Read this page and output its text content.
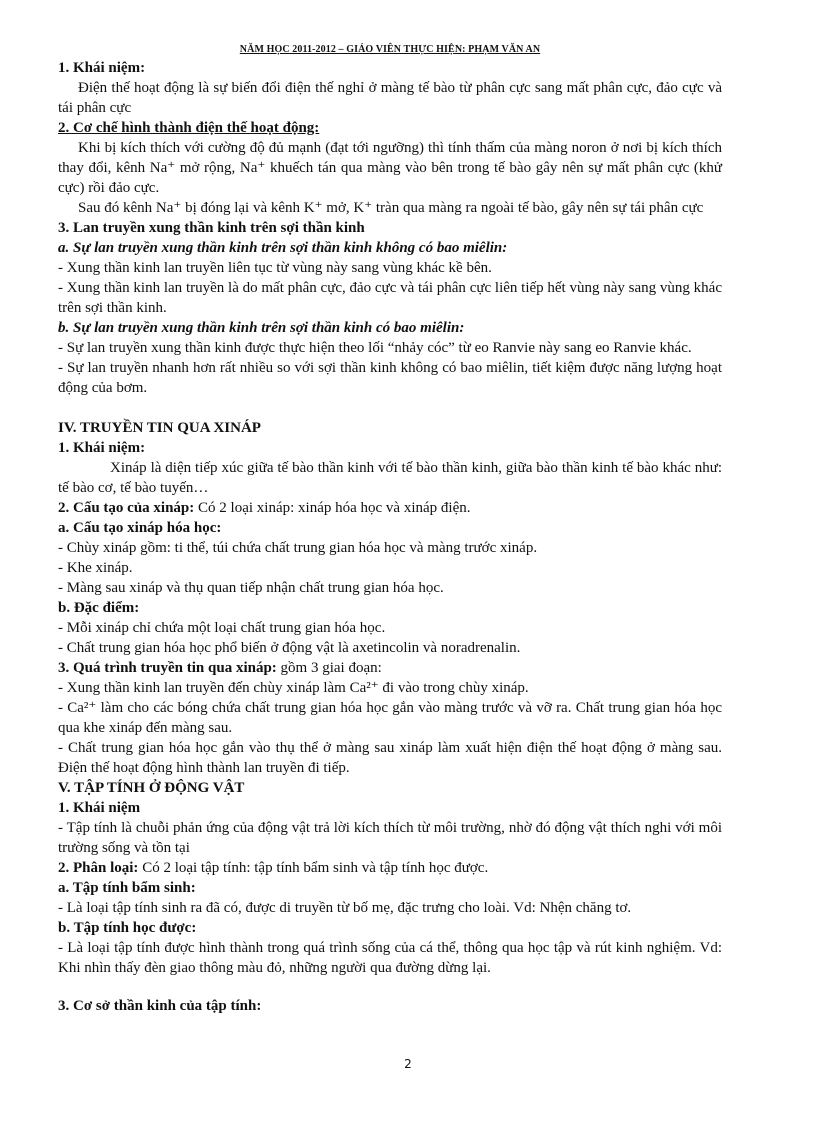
NĂM HỌC 2011-2012 – GIÁO VIÊN THỰC HIỆN: PHẠM VĂN AN

1. Khái niệm:

Điện thế hoạt động là sự biến đổi điện thế nghỉ ở màng tế bào từ phân cực sang mất phân cực, đảo cực và tái phân cực

2. Cơ chế hình thành điện thế hoạt động:

Khi bị kích thích với cường độ đủ mạnh (đạt tới ngưỡng) thì tính thấm của màng noron ở nơi bị kích thích thay đổi, kênh Na⁺ mở rộng, Na⁺ khuếch tán qua màng vào bên trong tế bào gây nên sự mất phân cực (khử cực) rồi đảo cực.

Sau đó kênh Na⁺ bị đóng lại và kênh K⁺ mở, K⁺ tràn qua màng ra ngoài tế bào, gây nên sự tái phân cực

3. Lan truyền xung thần kinh trên sợi thần kinh

a. Sự lan truyền xung thần kinh trên sợi thần kinh không có bao miêlin:

- Xung thần kinh lan truyền liên tục từ vùng này sang vùng khác kề bên.

- Xung thần kinh lan truyền là do mất phân cực, đảo cực và tái phân cực liên tiếp hết vùng này sang vùng khác trên sợi thần kinh.

b. Sự lan truyền xung thần kinh trên sợi thần kinh có bao miêlin:

- Sự lan truyền xung thần kinh được thực hiện theo lối “nhảy cóc” từ eo Ranvie này sang eo Ranvie khác.

- Sự lan truyền nhanh hơn rất nhiều so với sợi thần kinh không có bao miêlin, tiết kiệm được năng lượng hoạt động của bơm.

IV. TRUYỀN TIN QUA XINÁP

1. Khái niệm:

Xináp là diện tiếp xúc giữa tế bào thần kinh với tế bào thần kinh, giữa bào thần kinh tế bào khác như: tế bào cơ, tế bào tuyến…

2. Cấu tạo của xináp: Có 2 loại xináp: xináp hóa học và xináp điện.

a. Cấu tạo xináp hóa học:

- Chùy xináp gồm: ti thể, túi chứa chất trung gian hóa học và màng trước xináp.

- Khe xináp.

- Màng sau xináp và thụ quan tiếp nhận chất trung gian hóa học.

b. Đặc điểm:

- Mỗi xináp chỉ chứa một loại chất trung gian hóa học.

- Chất trung gian hóa học phổ biến ở động vật là axetincolin và noradrenalin.

3. Quá trình truyền tin qua xináp: gồm 3 giai đoạn:

- Xung thần kinh lan truyền đến chùy xináp làm Ca²⁺ đi vào trong chùy xináp.

- Ca²⁺ làm cho các bóng chứa chất trung gian hóa học gắn vào màng trước và vỡ ra. Chất trung gian hóa học qua khe xináp đến màng sau.

- Chất trung gian hóa học gắn vào thụ thể ở màng sau xináp làm xuất hiện điện thế hoạt động ở màng sau. Điện thế hoạt động hình thành lan truyền đi tiếp.

V. TẬP TÍNH Ở ĐỘNG VẬT

1. Khái niệm

- Tập tính là chuỗi phản ứng của động vật trả lời kích thích từ môi trường, nhờ đó động vật thích nghi với môi trường sống và tồn tại

2. Phân loại: Có 2 loại tập tính: tập tính bẩm sinh và tập tính học được.

a. Tập tính bẩm sinh:

- Là loại tập tính sinh ra đã có, được di truyền từ bố mẹ, đặc trưng cho loài. Vd: Nhện chăng tơ.

b. Tập tính học được:

- Là loại tập tính được hình thành trong quá trình sống của cá thể, thông qua học tập và rút kinh nghiệm. Vd: Khi nhìn thấy đèn giao thông màu đỏ, những người qua đường dừng lại.

3. Cơ sở thần kinh của tập tính:

2
